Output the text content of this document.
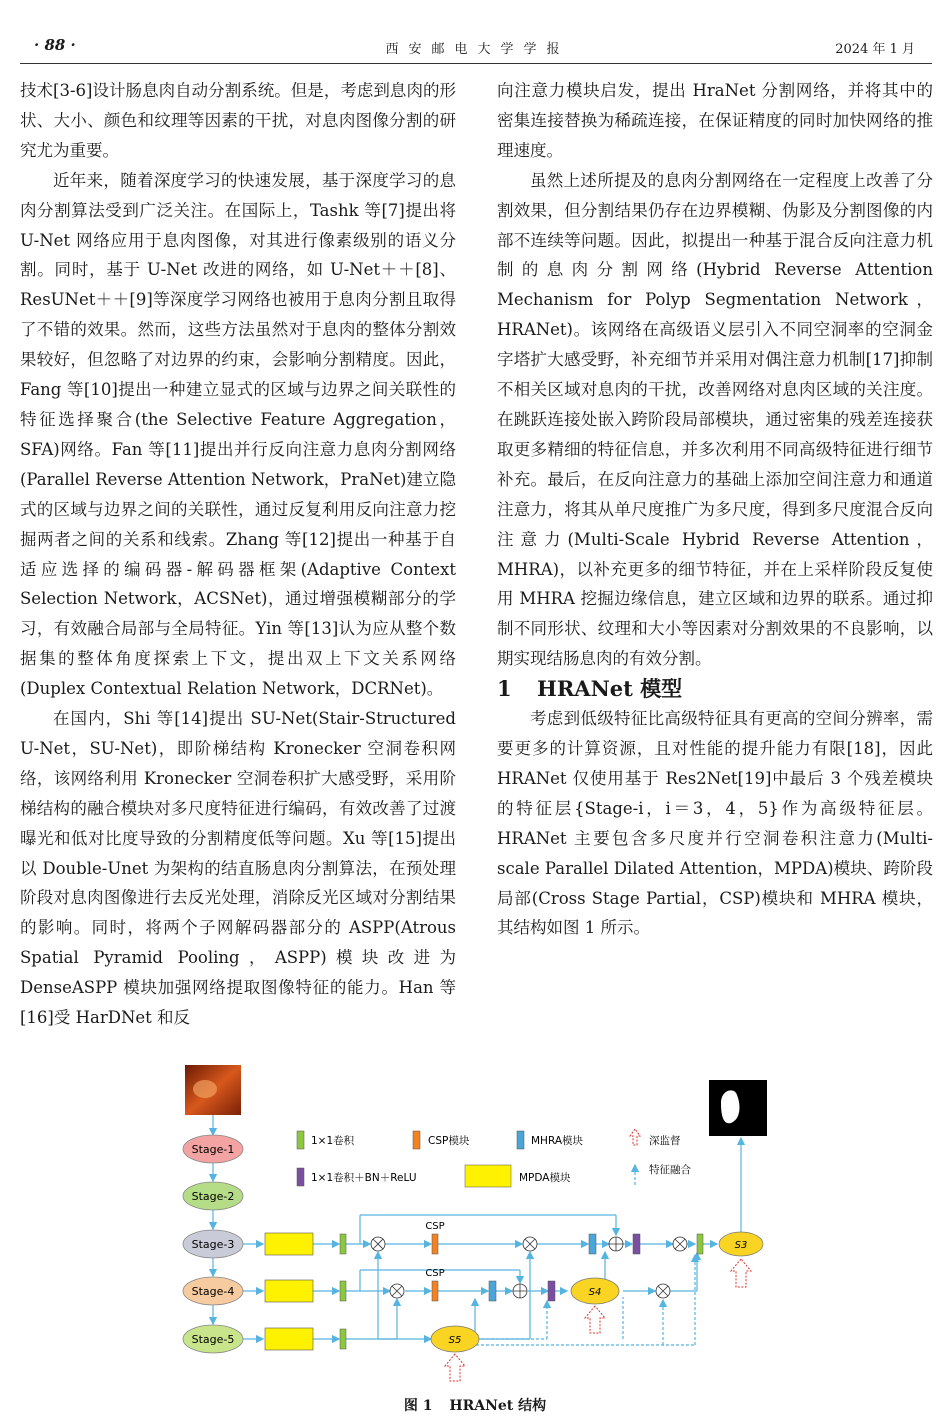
· 88 ·	西安邮电大学学报	2024 年 1 月

技术[3-6]设计肠息肉自动分割系统。但是，考虑到息肉的形状、大小、颜色和纹理等因素的干扰，对息肉图像分割的研究尤为重要。

近年来，随着深度学习的快速发展，基于深度学习的息肉分割算法受到广泛关注。在国际上，Tashk 等[7]提出将 U-Net 网络应用于息肉图像，对其进行像素级别的语义分割。同时，基于 U-Net 改进的网络，如 U-Net＋＋[8]、ResUNet＋＋[9]等深度学习网络也被用于息肉分割且取得了不错的效果。然而，这些方法虽然对于息肉的整体分割效果较好，但忽略了对边界的约束，会影响分割精度。因此，Fang 等[10]提出一种建立显式的区域与边界之间关联性的特征选择聚合(the Selective Feature Aggregation，SFA)网络。Fan 等[11]提出并行反向注意力息肉分割网络(Parallel Reverse Attention Network，PraNet)建立隐式的区域与边界之间的关联性，通过反复利用反向注意力挖掘两者之间的关系和线索。Zhang 等[12]提出一种基于自适应选择的编码器-解码器框架(Adaptive Context Selection Network，ACSNet)，通过增强模糊部分的学习，有效融合局部与全局特征。Yin 等[13]认为应从整个数据集的整体角度探索上下文，提出双上下文关系网络(Duplex Contextual Relation Network，DCRNet)。

在国内，Shi 等[14]提出 SU-Net(Stair-Structured U-Net，SU-Net)，即阶梯结构 Kronecker 空洞卷积网络，该网络利用 Kronecker 空洞卷积扩大感受野，采用阶梯结构的融合模块对多尺度特征进行编码，有效改善了过渡曝光和低对比度导致的分割精度低等问题。Xu 等[15]提出以 Double-Unet 为架构的结直肠息肉分割算法，在预处理阶段对息肉图像进行去反光处理，消除反光区域对分割结果的影响。同时，将两个子网解码器部分的 ASPP(Atrous Spatial Pyramid Pooling，ASPP)模块改进为 DenseASPP 模块加强网络提取图像特征的能力。Han 等[16]受 HarDNet 和反

向注意力模块启发，提出 HraNet 分割网络，并将其中的密集连接替换为稀疏连接，在保证精度的同时加快网络的推理速度。

虽然上述所提及的息肉分割网络在一定程度上改善了分割效果，但分割结果仍存在边界模糊、伪影及分割图像的内部不连续等问题。因此，拟提出一种基于混合反向注意力机制的息肉分割网络(Hybrid Reverse Attention Mechanism for Polyp Segmentation Network，HRANet)。该网络在高级语义层引入不同空洞率的空洞金字塔扩大感受野，补充细节并采用对偶注意力机制[17]抑制不相关区域对息肉的干扰，改善网络对息肉区域的关注度。在跳跃连接处嵌入跨阶段局部模块，通过密集的残差连接获取更多精细的特征信息，并多次利用不同高级特征进行细节补充。最后，在反向注意力的基础上添加空间注意力和通道注意力，将其从单尺度推广为多尺度，得到多尺度混合反向注意力(Multi-Scale Hybrid Reverse Attention，MHRA)，以补充更多的细节特征，并在上采样阶段反复使用 MHRA 挖掘边缘信息，建立区域和边界的联系。通过抑制不同形状、纹理和大小等因素对分割效果的不良影响，以期实现结肠息肉的有效分割。

1 HRANet 模型

考虑到低级特征比高级特征具有更高的空间分辨率，需要更多的计算资源，且对性能的提升能力有限[18]，因此 HRANet 仅使用基于 Res2Net[19]中最后 3 个残差模块的特征层{Stage-i，i＝3，4，5}作为高级特征层。HRANet 主要包含多尺度并行空洞卷积注意力(Multi-scale Parallel Dilated Attention，MPDA)模块、跨阶段局部(Cross Stage Partial，CSP)模块和 MHRA 模块，其结构如图 1 所示。

Stage-1
Stage-2
Stage-3
Stage-4
Stage-5
1×1卷积	CSP模块	MHRA模块	深监督
1×1卷积＋BN＋ReLU	MPDA模块
特征融合
CSP
CSP
S3
S4
S5
图 1 HRANet 结构
